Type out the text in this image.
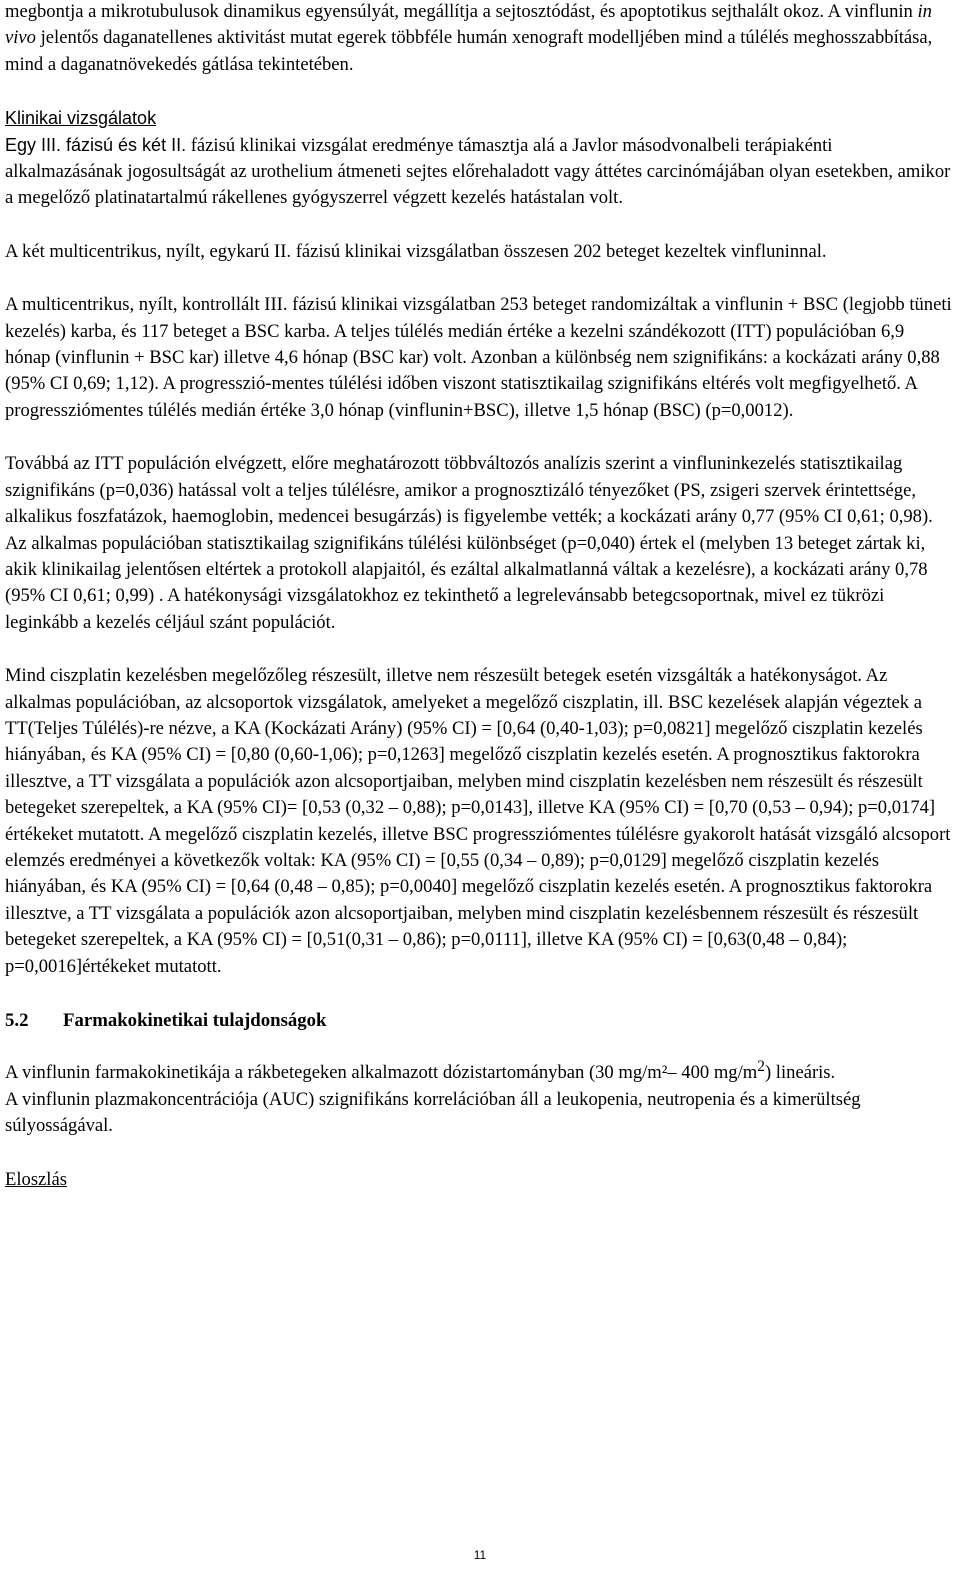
megbontja a mikrotubulusok dinamikus egyensúlyát, megállítja a sejtosztódást, és apoptotikus sejthalált okoz. A vinflunin in vivo jelentős daganatellenes aktivitást mutat egerek többféle humán xenograft modelljében mind a túlélés meghosszabbítása, mind a daganatnövekedés gátlása tekintetében.

Klinikai vizsgálatok

Egy III. fázisú és két II. fázisú klinikai vizsgálat eredménye támasztja alá a Javlor másodvonalbeli terápiakénti alkalmazásának jogosultságát az urothelium átmeneti sejtes előrehaladott vagy áttétes carcinómájában olyan esetekben, amikor a megelőző platinatartalmú rákellenes gyógyszerrel végzett kezelés hatástalan volt.

A két multicentrikus, nyílt, egykarú II. fázisú klinikai vizsgálatban összesen 202 beteget kezeltek vinfluninnal.

A multicentrikus, nyílt, kontrollált III. fázisú klinikai vizsgálatban 253 beteget randomizáltak a vinflunin + BSC (legjobb tüneti kezelés) karba, és 117 beteget a BSC karba. A teljes túlélés medián értéke a kezelni szándékozott (ITT) populációban 6,9 hónap (vinflunin + BSC kar) illetve 4,6 hónap (BSC kar) volt. Azonban a különbség nem szignifikáns: a kockázati arány 0,88 (95% CI 0,69; 1,12). A progresszió-mentes túlélési időben viszont statisztikailag szignifikáns eltérés volt megfigyelhető. A progressziómentes túlélés medián értéke 3,0 hónap (vinflunin+BSC), illetve 1,5 hónap (BSC) (p=0,0012).

Továbbá az ITT populáción elvégzett, előre meghatározott többváltozós analízis szerint a vinfluninkezelés statisztikailag szignifikáns (p=0,036) hatással volt a teljes túlélésre, amikor a prognosztizáló tényezőket (PS, zsigeri szervek érintettsége, alkalikus foszfatázok, haemoglobin, medencei besugárzás) is figyelembe vették; a kockázati arány 0,77 (95% CI 0,61; 0,98).

Az alkalmas populációban statisztikailag szignifikáns túlélési különbséget (p=0,040) értek el (melyben 13 beteget zártak ki, akik klinikailag jelentősen eltértek a protokoll alapjaitól, és ezáltal alkalmatlanná váltak a kezelésre), a kockázati arány 0,78 (95% CI 0,61; 0,99) . A hatékonysági vizsgálatokhoz ez tekinthető a legrelevánsabb betegcsoportnak, mivel ez tükrözi leginkább a kezelés céljául szánt populációt.

Mind ciszplatin kezelésben megelőzőleg részesült, illetve nem részesült betegek esetén vizsgálták a hatékonyságot. Az alkalmas populációban, az alcsoportok vizsgálatok, amelyeket a megelőző ciszplatin, ill. BSC kezelések alapján végeztek a TT(Teljes Túlélés)-re nézve, a KA (Kockázati Arány) (95% CI) = [0,64 (0,40-1,03); p=0,0821] megelőző ciszplatin kezelés hiányában, és KA (95% CI) = [0,80 (0,60-1,06); p=0,1263] megelőző ciszplatin kezelés esetén. A prognosztikus faktorokra illesztve, a TT vizsgálata a populációk azon alcsoportjaiban, melyben mind ciszplatin kezelésben nem részesült és részesült betegeket szerepeltek, a KA (95% CI)= [0,53 (0,32 – 0,88); p=0,0143], illetve KA (95% CI) = [0,70 (0,53 – 0,94); p=0,0174] értékeket mutatott. A megelőző ciszplatin kezelés, illetve BSC progressziómentes túlélésre gyakorolt hatását vizsgáló alcsoport elemzés eredményei a következők voltak: KA (95% CI) = [0,55 (0,34 – 0,89); p=0,0129] megelőző ciszplatin kezelés hiányában, és KA (95% CI) = [0,64 (0,48 – 0,85); p=0,0040] megelőző ciszplatin kezelés esetén. A prognosztikus faktorokra illesztve, a TT vizsgálata a populációk azon alcsoportjaiban, melyben mind ciszplatin kezelésbennem részesült és részesült betegeket szerepeltek, a KA (95% CI) = [0,51(0,31 – 0,86); p=0,0111], illetve KA (95% CI) = [0,63(0,48 – 0,84); p=0,0016]értékeket mutatott.

5.2 Farmakokinetikai tulajdonságok

A vinflunin farmakokinetikája a rákbetegeken alkalmazott dózistartományban (30 mg/m²– 400 $mg/m^2$) lineáris.

A vinflunin plazmakoncentrációja (AUC) szignifikáns korrelációban áll a leukopenia, neutropenia és a kimerültség súlyosságával.

Eloszlás

11
